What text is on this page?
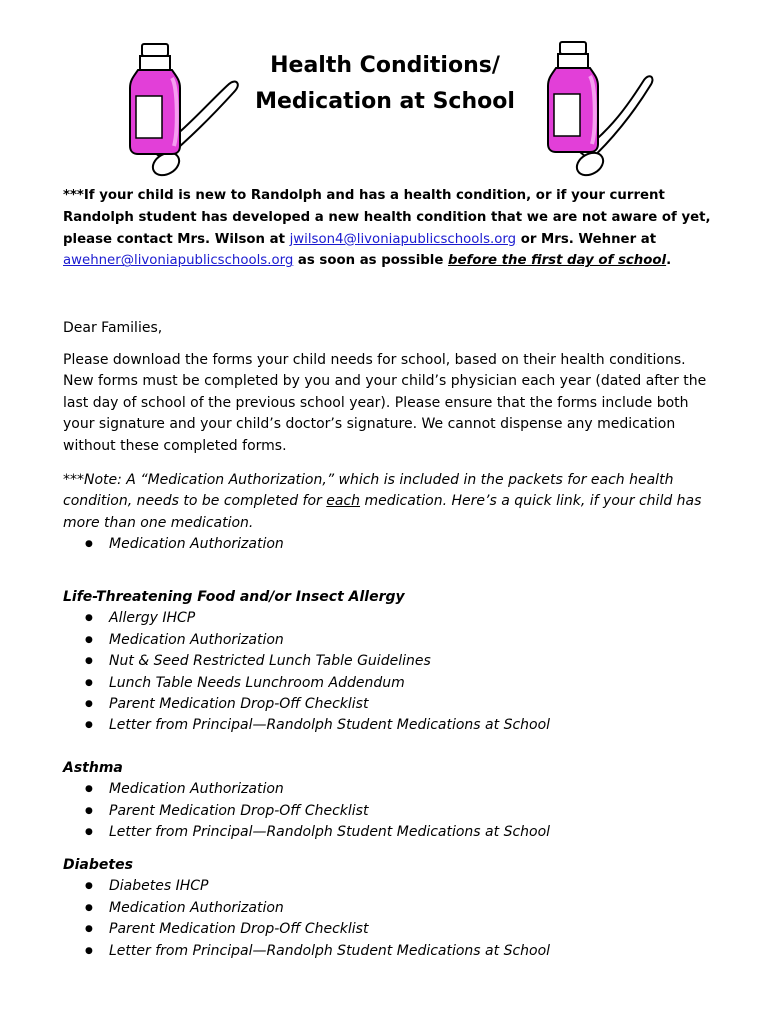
Health Conditions/
Medication at School
***If your child is new to Randolph and has a health condition, or if your current Randolph student has developed a new health condition that we are not aware of yet, please contact Mrs. Wilson at jwilson4@livoniapublicschools.org or Mrs. Wehner at awehner@livoniapublicschools.org as soon as possible before the first day of school.
Dear Families,
Please download the forms your child needs for school, based on their health conditions. New forms must be completed by you and your child’s physician each year (dated after the last day of school of the previous school year). Please ensure that the forms include both your signature and your child’s doctor’s signature. We cannot dispense any medication without these completed forms.
***Note: A “Medication Authorization,” which is included in the packets for each health condition, needs to be completed for each medication. Here’s a quick link, if your child has more than one medication.
● Medication Authorization
Life-Threatening Food and/or Insect Allergy
● Allergy IHCP
● Medication Authorization
● Nut & Seed Restricted Lunch Table Guidelines
● Lunch Table Needs Lunchroom Addendum
● Parent Medication Drop-Off Checklist
● Letter from Principal—Randolph Student Medications at School
Asthma
● Medication Authorization
● Parent Medication Drop-Off Checklist
● Letter from Principal—Randolph Student Medications at School
Diabetes
● Diabetes IHCP
● Medication Authorization
● Parent Medication Drop-Off Checklist
● Letter from Principal—Randolph Student Medications at School
